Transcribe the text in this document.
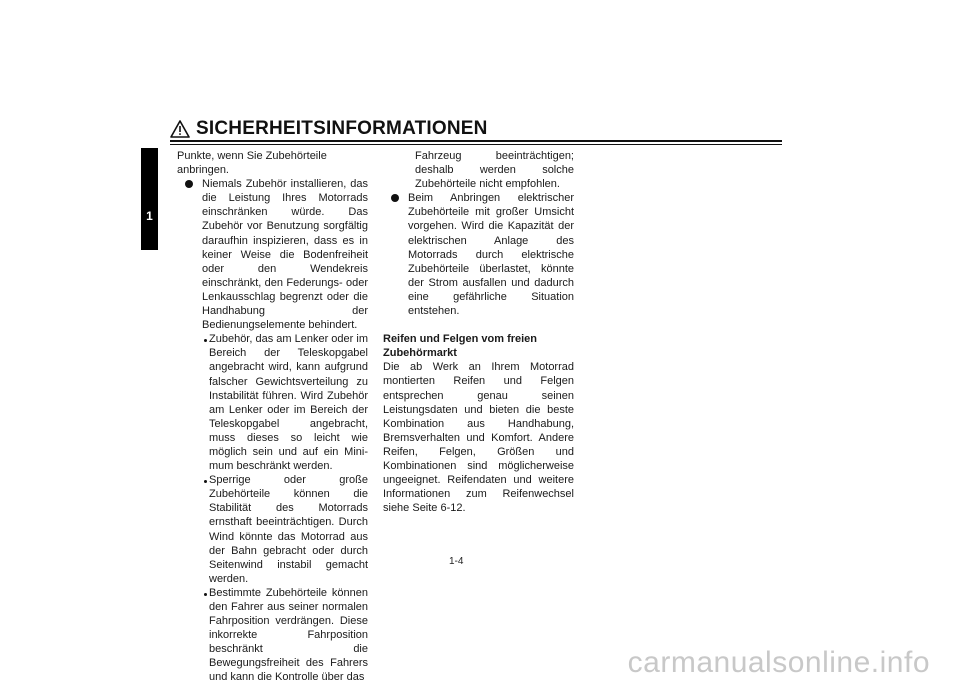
SICHERHEITSINFORMATIONEN
1

Punkte, wenn Sie Zubehörteile anbringen.

Niemals Zubehör installieren, das die Leistung Ihres Motorrads einschränken würde. Das Zubehör vor Benutzung sorgfältig daraufhin inspizieren, dass es in keiner Weise die Bodenfreiheit oder den Wendekreis einschränkt, den Federungs- oder Lenkausschlag begrenzt oder die Handhabung der Bedienungselemente behindert.

Zubehör, das am Lenker oder im Bereich der Teleskopgabel angebracht wird, kann aufgrund falscher Gewichtsverteilung zu Instabilität führen. Wird Zubehör am Lenker oder im Bereich der Teleskopgabel angebracht, muss dieses so leicht wie möglich sein und auf ein Minimum beschränkt werden.

Sperrige oder große Zubehörteile können die Stabilität des Motorrads ernsthaft beeinträchtigen. Durch Wind könnte das Motorrad aus der Bahn gebracht oder durch Seitenwind instabil gemacht werden.

Bestimmte Zubehörteile können den Fahrer aus seiner normalen Fahrposition verdrängen. Diese inkorrekte Fahrposition beschränkt die Bewegungsfreiheit des Fahrers und kann die Kontrolle über das

Fahrzeug beeinträchtigen; deshalb werden solche Zubehörteile nicht empfohlen.

Beim Anbringen elektrischer Zubehörteile mit großer Umsicht vorgehen. Wird die Kapazität der elektrischen Anlage des Motorrads durch elektrische Zubehörteile überlastet, könnte der Strom ausfallen und dadurch eine gefährliche Situation entstehen.

Reifen und Felgen vom freien Zubehörmarkt

Die ab Werk an Ihrem Motorrad montierten Reifen und Felgen entsprechen genau seinen Leistungsdaten und bieten die beste Kombination aus Handhabung, Bremsverhalten und Komfort. Andere Reifen, Felgen, Größen und Kombinationen sind möglicherweise ungeeignet. Reifendaten und weitere Informationen zum Reifenwechsel siehe Seite 6-12.

1-4
carmanualsonline.info
